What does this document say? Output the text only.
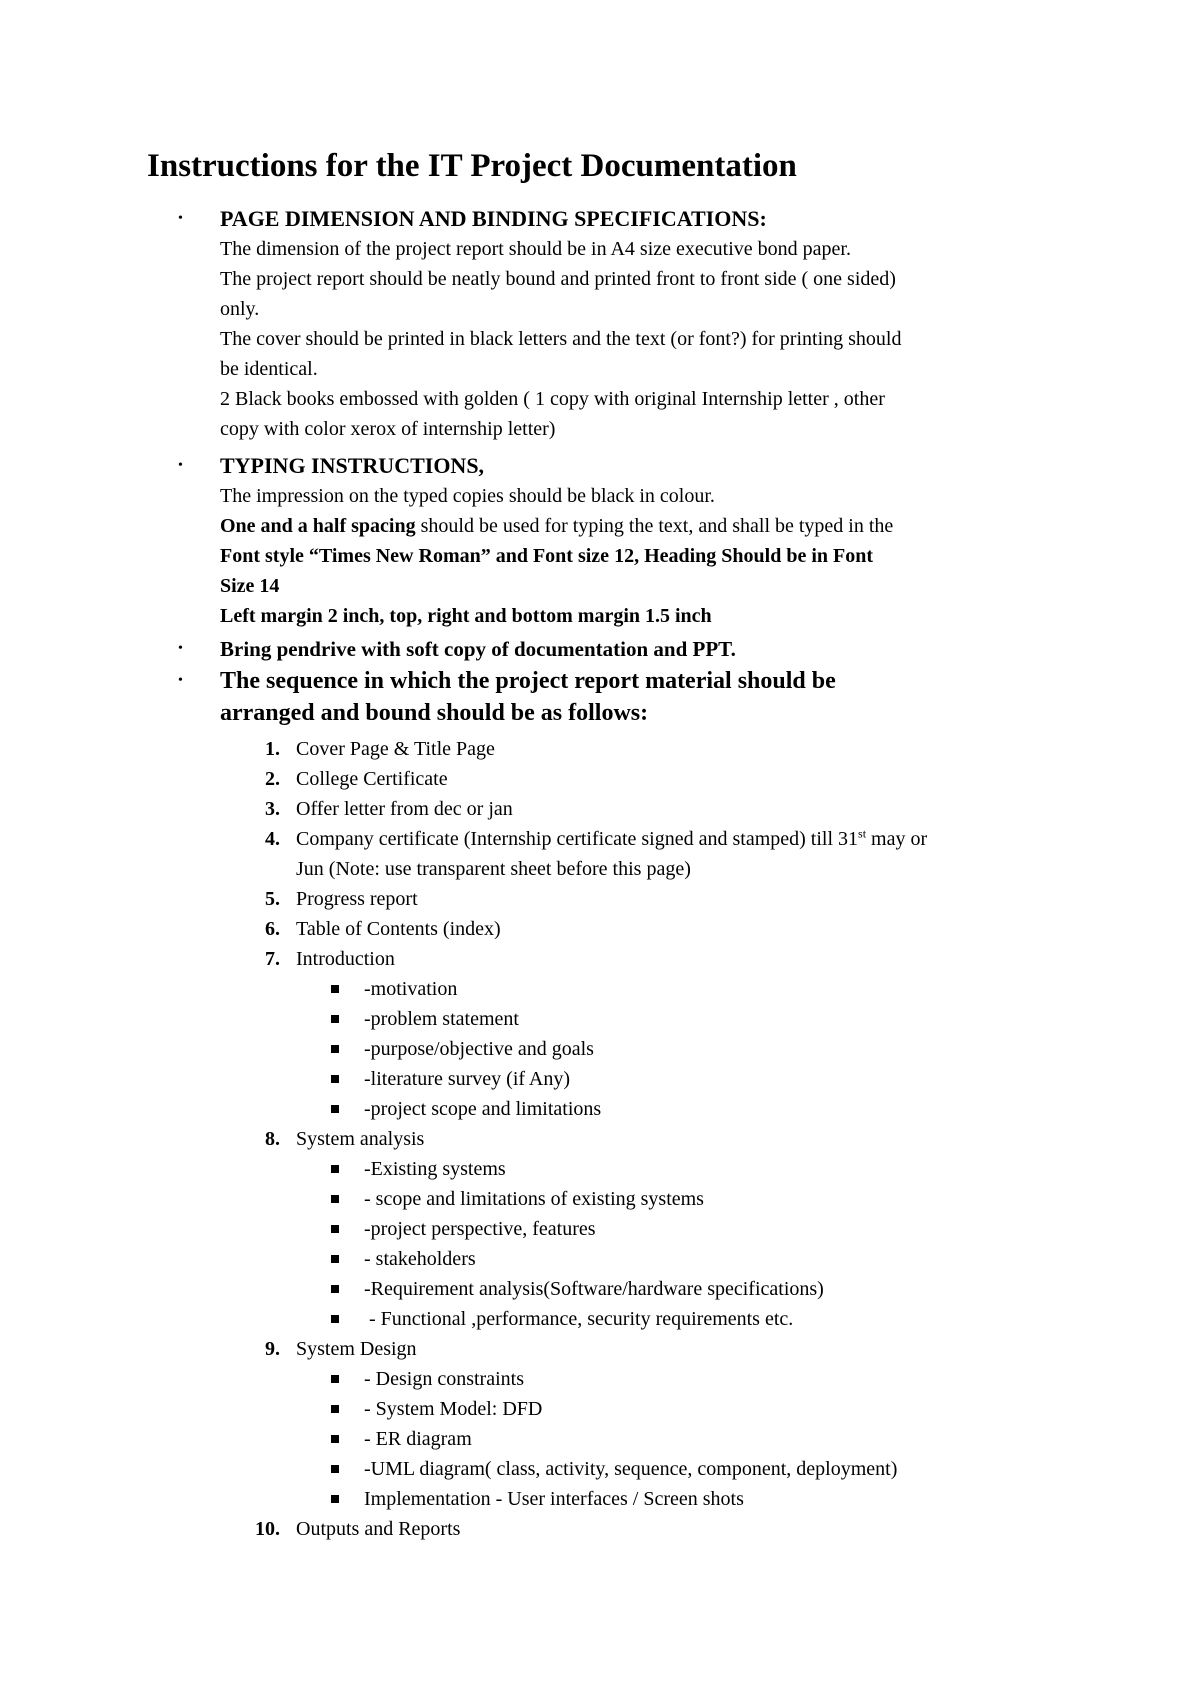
Instructions for the IT Project Documentation
•	PAGE DIMENSION AND BINDING SPECIFICATIONS:
The dimension of the project report should be in A4 size executive bond paper.
The project report should be neatly bound and printed front to front side ( one sided)
only.
The cover should be printed in black letters and the text (or font?) for printing should
be identical.
2 Black books embossed with golden ( 1 copy with original Internship letter , other
copy with color xerox of internship letter)
•	TYPING INSTRUCTIONS,
The impression on the typed copies should be black in colour.
One and a half spacing should be used for typing the text, and shall be typed in the
Font style “Times New Roman” and Font size 12, Heading Should be in Font
Size 14
Left margin 2 inch, top, right and bottom margin 1.5 inch
•	Bring pendrive with soft copy of documentation and PPT.
•	The sequence in which the project report material should be
arranged and bound should be as follows:
1. Cover Page & Title Page
2. College Certificate
3. Offer letter from dec or jan
4. Company certificate (Internship certificate signed and stamped) till 31st may or
Jun (Note: use transparent sheet before this page)
5. Progress report
6. Table of Contents (index)
7. Introduction
-motivation
-problem statement
-purpose/objective and goals
-literature survey (if Any)
-project scope and limitations
8. System analysis
-Existing systems
- scope and limitations of existing systems
-project perspective, features
- stakeholders
-Requirement analysis(Software/hardware specifications)
- Functional ,performance, security requirements etc.
9. System Design
- Design constraints
- System Model: DFD
- ER diagram
-UML diagram( class, activity, sequence, component, deployment)
Implementation - User interfaces / Screen shots
10. Outputs and Reports
